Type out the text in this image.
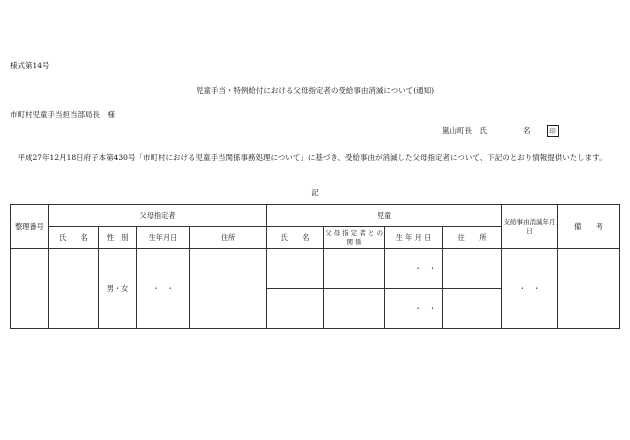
様式第14号
児童手当・特例給付における父母指定者の受給事由消滅について(通知)
市町村児童手当担当部局長　様
嵐山町長　氏	名	印
　平成27年12月18日府子本第430号「市町村における児童手当関係事務処理について」に基づき、受給事由が消滅した父母指定者について、下記のとおり情報提供いたします。
記
整理番号	父母指定者				児童				支給事由消滅年月日	備　　考
	氏　　名	性　別	生年月日	住所	氏　　名	父 母 指 定 者 と の 関 係	生 年 月 日	住　　所		
		男・女	・　・				・　・		・　・	
							・　・			
